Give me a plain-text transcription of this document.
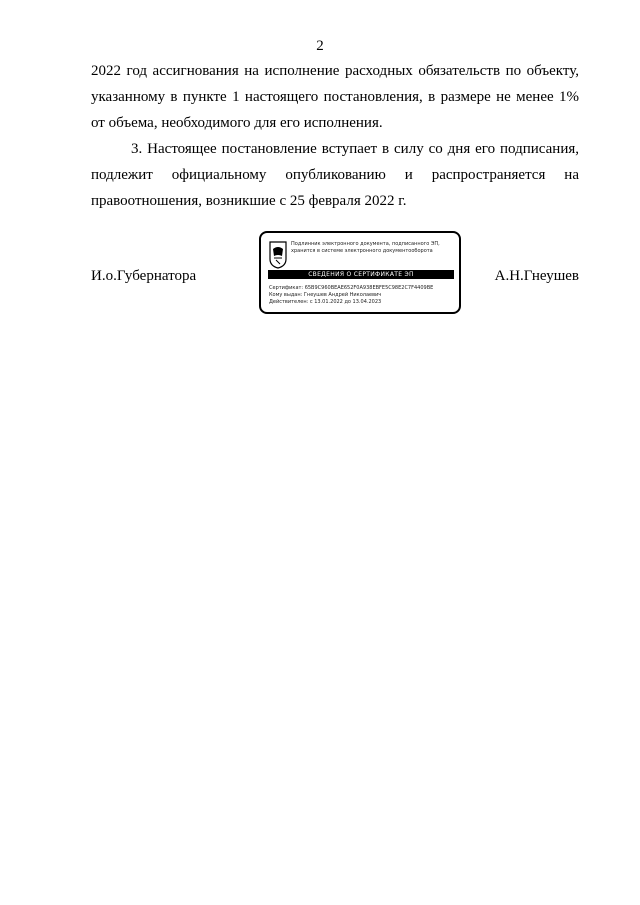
2
2022 год ассигнования на исполнение расходных обязательств по объекту,
указанному в пункте 1 настоящего постановления, в размере не менее 1%
от объема, необходимого для его исполнения.
3. Настоящее постановление вступает в силу со дня его подписания,
подлежит официальному опубликованию и распространяется на
правоотношения, возникшие с 25 февраля 2022 г.
И.о.Губернатора	А.Н.Гнеушев
Подлинник электронного документа, подписанного ЭП,
хранится в системе электронного документооборота
СВЕДЕНИЯ О СЕРТИФИКАТЕ ЭП
Сертификат: 65B9C960BEAE652F0A938EBFE5C98E2C7F4409BE
Кому выдан: Гнеушев Андрей Николаевич
Действителен: с 13.01.2022 до 13.04.2023
